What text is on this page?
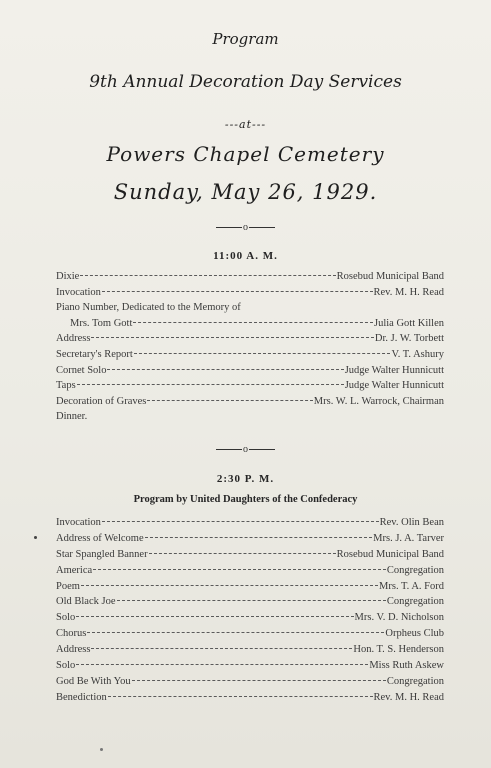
Program
9th Annual Decoration Day Services
---at---
Powers Chapel Cemetery
Sunday, May 26, 1929.
o
11:00 A. M.
Dixie	Rosebud Municipal Band
Invocation	Rev. M. H. Read
Piano Number, Dedicated to the Memory of
Mrs. Tom Gott	Julia Gott Killen
Address	Dr. J. W. Torbett
Secretary's Report	V. T. Ashury
Cornet Solo	Judge Walter Hunnicutt
Taps	Judge Walter Hunnicutt
Decoration of Graves	Mrs. W. L. Warrock, Chairman
Dinner.
o
2:30 P. M.
Program by United Daughters of the Confederacy
Invocation	Rev. Olin Bean
Address of Welcome	Mrs. J. A. Tarver
Star Spangled Banner	Rosebud Municipal Band
America	Congregation
Poem	Mrs. T. A. Ford
Old Black Joe	Congregation
Solo	Mrs. V. D. Nicholson
Chorus	Orpheus Club
Address	Hon. T. S. Henderson
Solo	Miss Ruth Askew
God Be With You	Congregation
Benediction	Rev. M. H. Read
